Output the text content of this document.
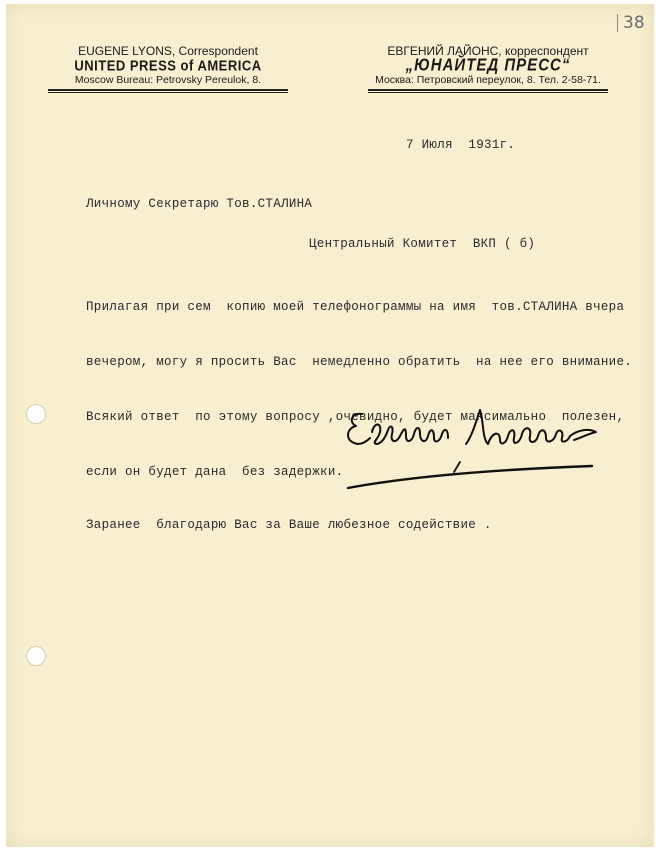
38
EUGENE LYONS, Correspondent
UNITED PRESS of AMERICA
Moscow Bureau: Petrovsky Pereulok, 8.
ЕВГЕНИЙ ЛАЙОНС, корреспондент
„ЮНАЙТЕД ПРЕСС“
Москва: Петровский переулок, 8. Тел. 2-58-71.
7 Июля  1931г.
Личному Секретарю Тов.СТАЛИНА
Центральный Комитет  ВКП ( б)

Прилагая при сем  копию моей телефонограммы на имя  тов.СТАЛИНА вчера

вечером, могу я просить Вас  немедленно обратить  на нее его внимание.

Всякий ответ  по этому вопросу ,очевидно, будет максимально  полезен,

если он будет дана  без задержки.

Заранее  благодарю Вас за Ваше любезное содействие .
